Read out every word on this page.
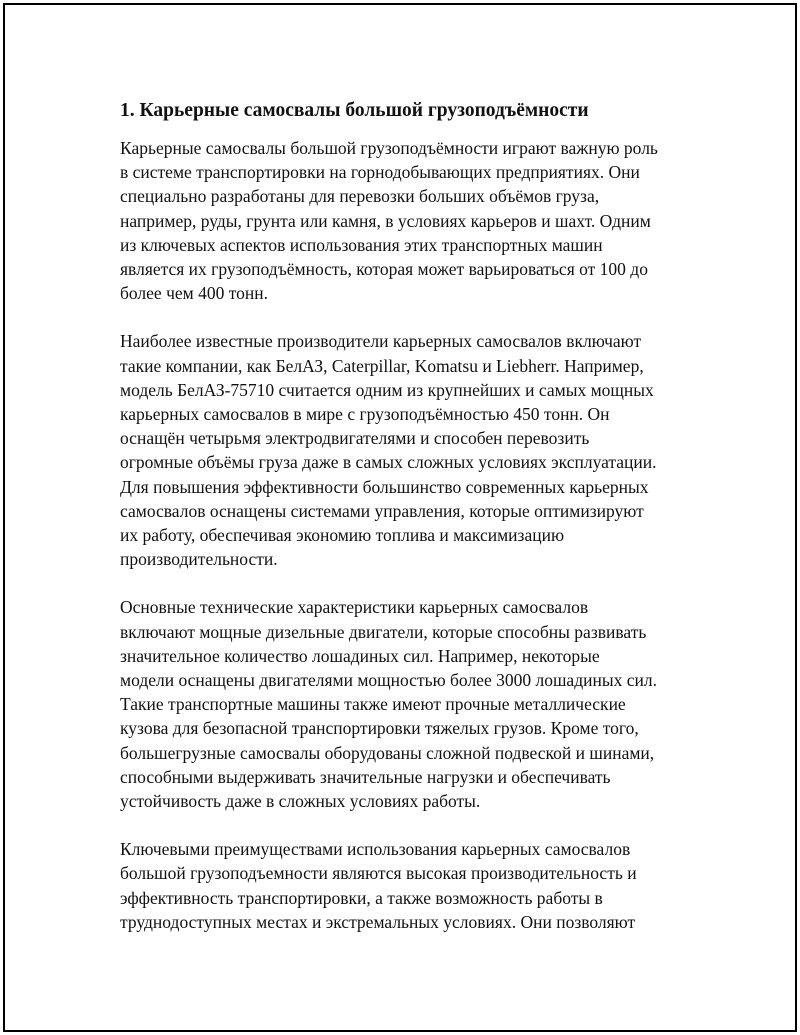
1. Карьерные самосвалы большой грузоподъёмности

Карьерные самосвалы большой грузоподъёмности играют важную роль
в системе транспортировки на горнодобывающих предприятиях. Они
специально разработаны для перевозки больших объёмов груза,
например, руды, грунта или камня, в условиях карьеров и шахт. Одним
из ключевых аспектов использования этих транспортных машин
является их грузоподъёмность, которая может варьироваться от 100 до
более чем 400 тонн.

Наиболее известные производители карьерных самосвалов включают
такие компании, как БелАЗ, Caterpillar, Komatsu и Liebherr. Например,
модель БелАЗ-75710 считается одним из крупнейших и самых мощных
карьерных самосвалов в мире с грузоподъёмностью 450 тонн. Он
оснащён четырьмя электродвигателями и способен перевозить
огромные объёмы груза даже в самых сложных условиях эксплуатации.
Для повышения эффективности большинство современных карьерных
самосвалов оснащены системами управления, которые оптимизируют
их работу, обеспечивая экономию топлива и максимизацию
производительности.

Основные технические характеристики карьерных самосвалов
включают мощные дизельные двигатели, которые способны развивать
значительное количество лошадиных сил. Например, некоторые
модели оснащены двигателями мощностью более 3000 лошадиных сил.
Такие транспортные машины также имеют прочные металлические
кузова для безопасной транспортировки тяжелых грузов. Кроме того,
большегрузные самосвалы оборудованы сложной подвеской и шинами,
способными выдерживать значительные нагрузки и обеспечивать
устойчивость даже в сложных условиях работы.

Ключевыми преимуществами использования карьерных самосвалов
большой грузоподъемности являются высокая производительность и
эффективность транспортировки, а также возможность работы в
труднодоступных местах и экстремальных условиях. Они позволяют
